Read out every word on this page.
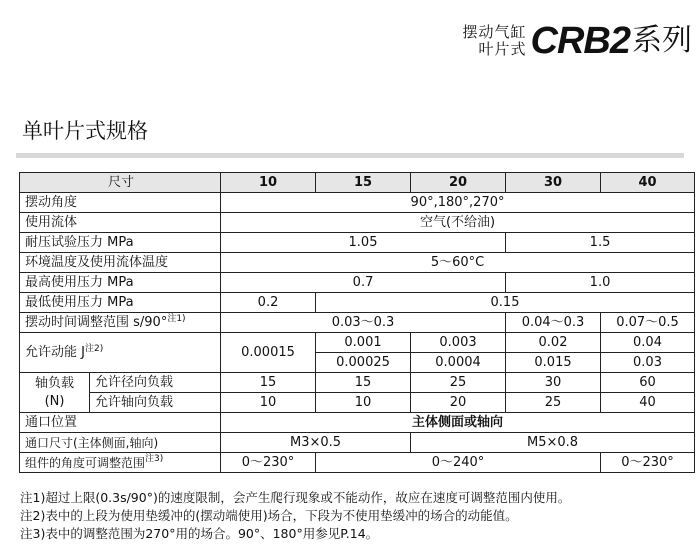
摆动气缸
叶片式 CRB2 系列
单叶片式规格
尺寸		10	15	20	30	40
摆动角度		90°,180°,270°				
使用流体		空气(不给油)				
耐压试验压力 MPa		1.05			1.5	
环境温度及使用流体温度		5～60°C				
最高使用压力 MPa		0.7			1.0	
最低使用压力 MPa		0.2	0.15			
摆动时间调整范围 s/90°$^{注1)}$		0.03～0.3			0.04～0.3	0.07～0.5
允许动能 $J^{注2)}$		0.00015	0.001	0.003	0.02	0.04
			0.00025	0.0004	0.015	0.03

轴负载
(N)	允许径向负载	15	15	25	30	60
	允许轴向负载	10	10	20	25	40
通口位置		主体侧面或轴向				
通口尺寸(主体侧面,轴向)		M3×0.5		M5×0.8		
组件的角度可调整范围$^{注3)}$		0～230°	0～240°			0～230°
注1)超过上限(0.3s/90°)的速度限制，会产生爬行现象或不能动作，故应在速度可调整范围内使用。
注2)表中的上段为使用垫缓冲的(摆动端使用)场合，下段为不使用垫缓冲的场合的动能值。
注3)表中的调整范围为270°用的场合。90°、180°用参见P.14。
